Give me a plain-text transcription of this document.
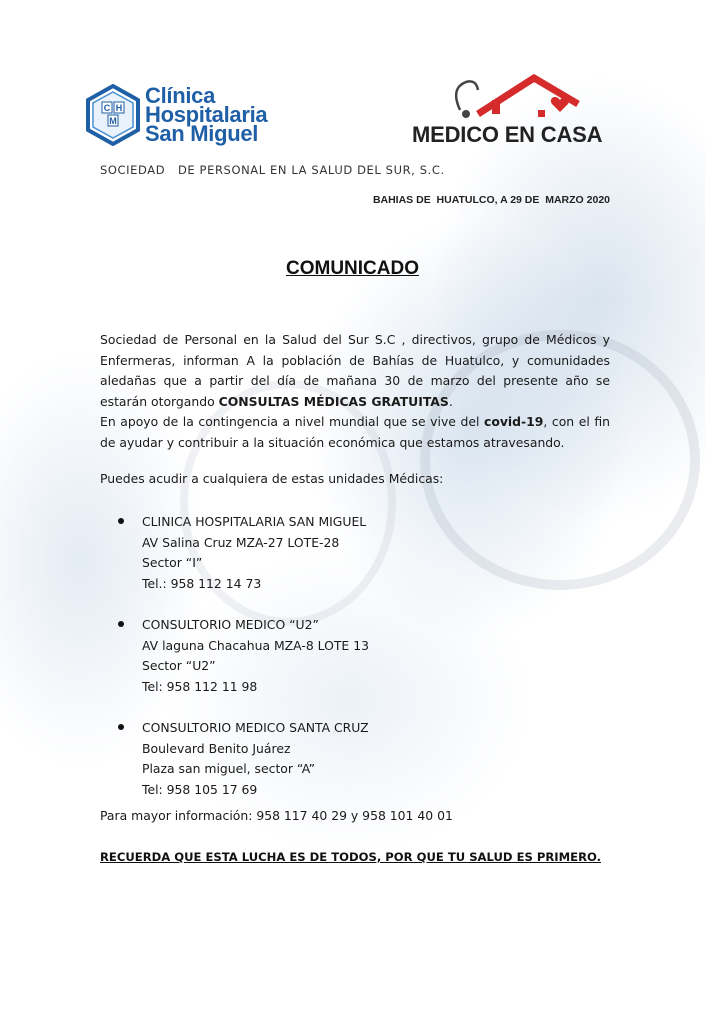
C H
M
Clínica
Hospitalaria
San Miguel	MEDICO EN CASA
SOCIEDAD   DE PERSONAL EN LA SALUD DEL SUR, S.C.
BAHIAS DE  HUATULCO, A 29 DE  MARZO 2020
COMUNICADO
Sociedad de Personal en la Salud del Sur S.C , directivos, grupo de Médicos y Enfermeras, informan A la población de Bahías de Huatulco, y comunidades aledañas que a partir del día de mañana 30 de marzo del presente año se estarán otorgando CONSULTAS MÉDICAS GRATUITAS.
En apoyo de la contingencia a nivel mundial que se vive del covid-19, con el fin de ayudar y contribuir a la situación económica que estamos atravesando.
Puedes acudir a cualquiera de estas unidades Médicas:
CLINICA HOSPITALARIA SAN MIGUEL
AV Salina Cruz MZA-27 LOTE-28
Sector “I”
Tel.: 958 112 14 73
CONSULTORIO MEDICO “U2”
AV laguna Chacahua MZA-8 LOTE 13
Sector “U2”
Tel: 958 112 11 98
CONSULTORIO MEDICO SANTA CRUZ
Boulevard Benito Juárez
Plaza san miguel, sector “A”
Tel: 958 105 17 69
Para mayor información: 958 117 40 29 y 958 101 40 01
RECUERDA QUE ESTA LUCHA ES DE TODOS, POR QUE TU SALUD ES PRIMERO.
